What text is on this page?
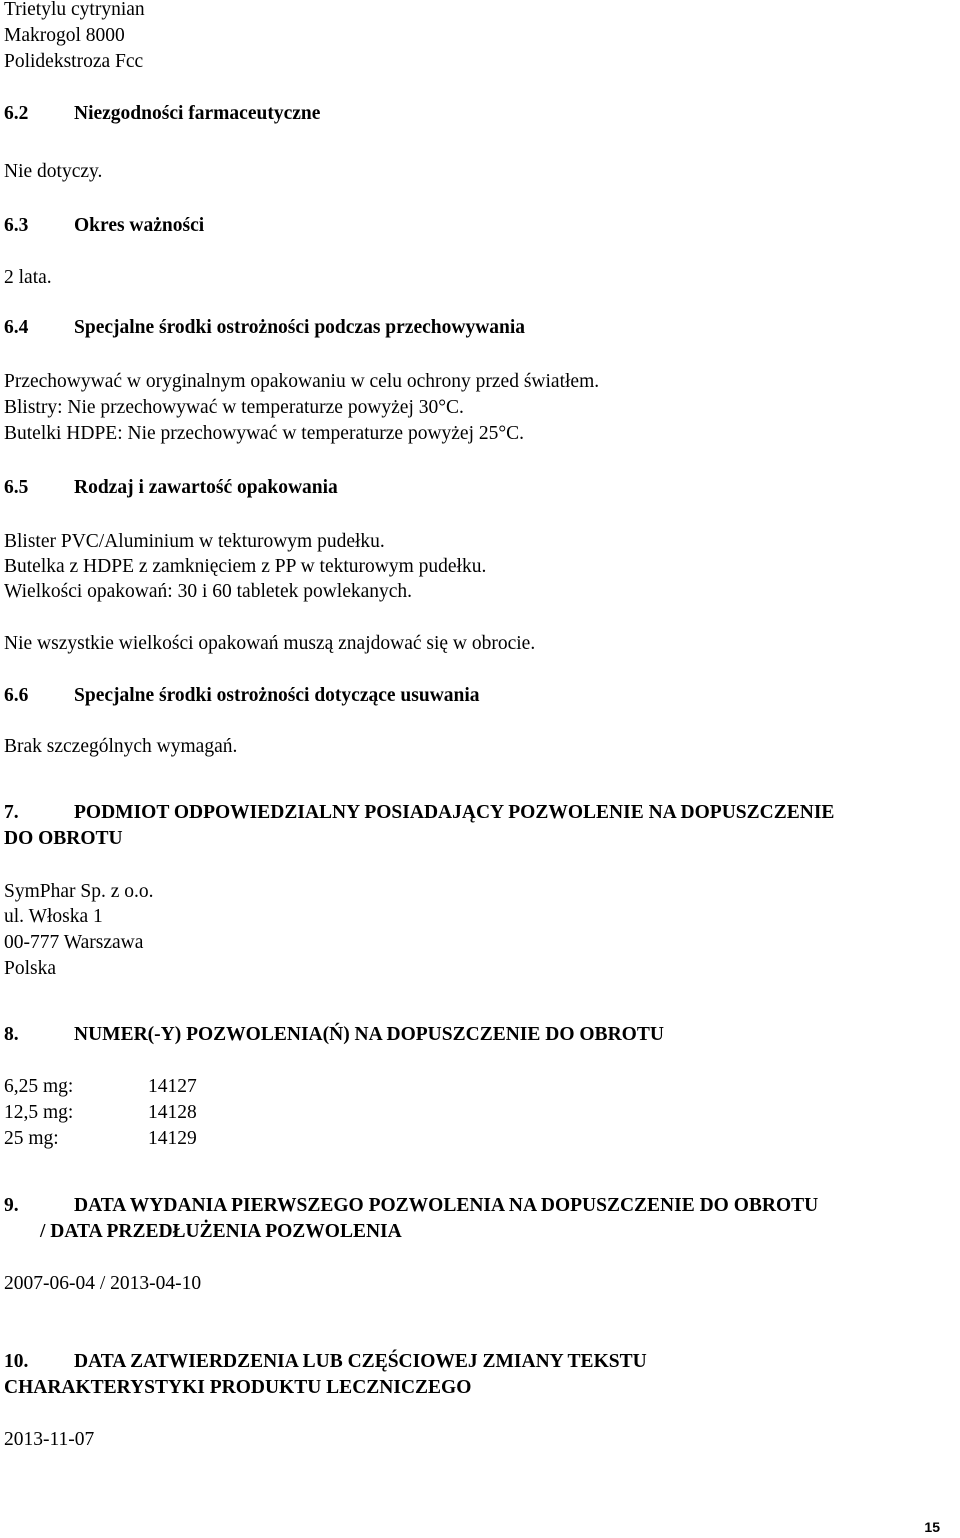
Trietylu cytrynian
Makrogol 8000
Polidekstroza Fcc
6.2 Niezgodności farmaceutyczne
Nie dotyczy.
6.3 Okres ważności
2 lata.
6.4 Specjalne środki ostrożności podczas przechowywania
Przechowywać w oryginalnym opakowaniu w celu ochrony przed światłem.
Blistry: Nie przechowywać w temperaturze powyżej 30°C.
Butelki HDPE: Nie przechowywać w temperaturze powyżej 25°C.
6.5 Rodzaj i zawartość opakowania
Blister PVC/Aluminium w tekturowym pudełku.
Butelka z HDPE z zamknięciem z PP w tekturowym pudełku.
Wielkości opakowań: 30 i 60 tabletek powlekanych.
Nie wszystkie wielkości opakowań muszą znajdować się w obrocie.
6.6 Specjalne środki ostrożności dotyczące usuwania
Brak szczególnych wymagań.
7.	PODMIOT ODPOWIEDZIALNY POSIADAJĄCY POZWOLENIE NA DOPUSZCZENIE
DO OBROTU
SymPhar Sp. z o.o.
ul. Włoska 1
00-777 Warszawa
Polska
8.	NUMER(-Y) POZWOLENIA(Ń) NA DOPUSZCZENIE DO OBROTU
6,25 mg:	14127
12,5 mg:	14128
25 mg:	14129
9.	DATA WYDANIA PIERWSZEGO POZWOLENIA NA DOPUSZCZENIE DO OBROTU
/ DATA PRZEDŁUŻENIA POZWOLENIA
2007-06-04 / 2013-04-10
10. DATA ZATWIERDZENIA LUB CZĘŚCIOWEJ ZMIANY TEKSTU
CHARAKTERYSTYKI PRODUKTU LECZNICZEGO
2013-11-07
15
